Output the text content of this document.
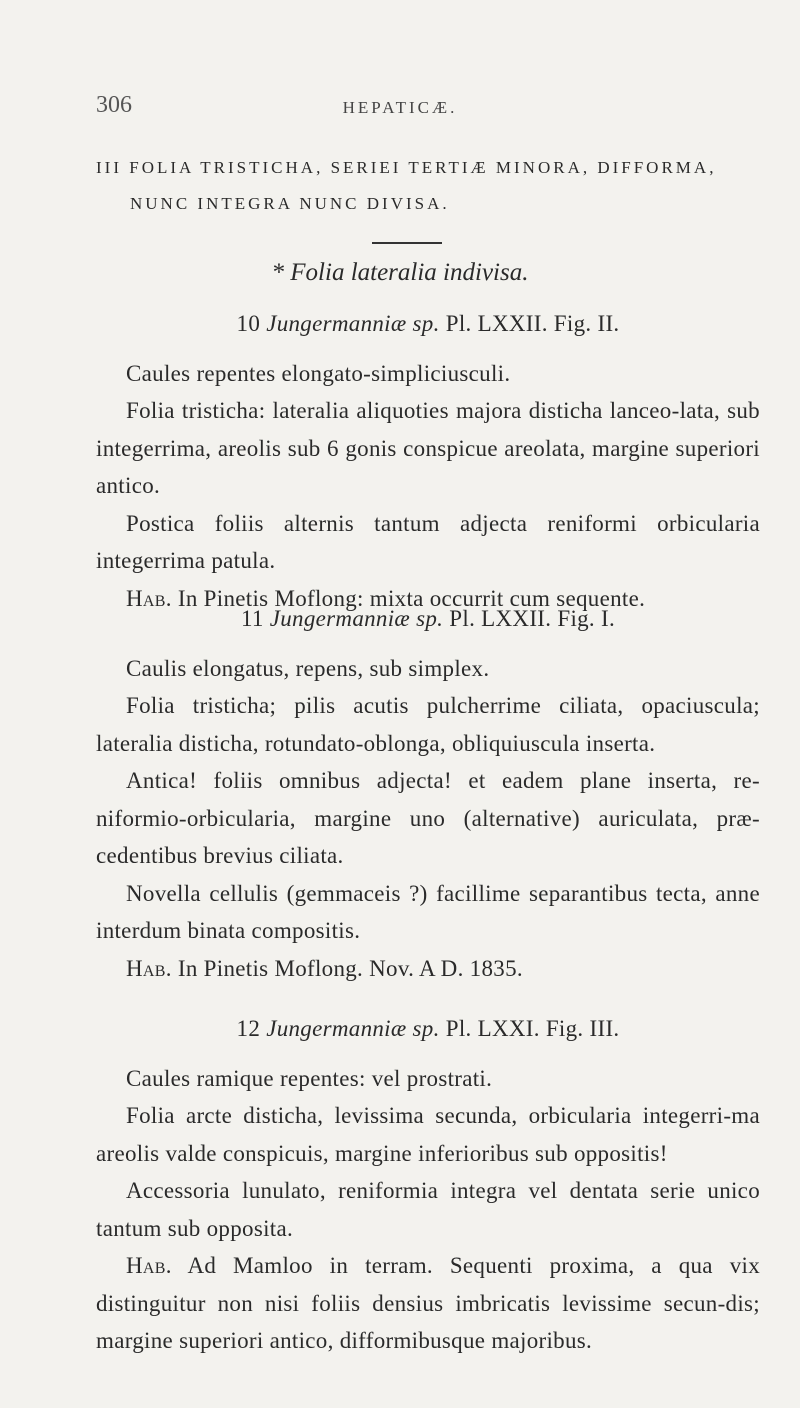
306	HEPATICÆ.
III FOLIA TRISTICHA, SERIEI TERTIÆ MINORA, DIFFORMA,
NUNC INTEGRA NUNC DIVISA.
* Folia lateralia indivisa.
10 Jungermanniæ sp. Pl. LXXII. Fig. II.
Caules repentes elongato-simpliciusculi.
Folia tristicha: lateralia aliquoties majora disticha lanceo-lata, sub integerrima, areolis sub 6 gonis conspicue areolata, margine superiori antico.
Postica foliis alternis tantum adjecta reniformi orbicularia integerrima patula.
Hab. In Pinetis Moflong: mixta occurrit cum sequente.
11 Jungermanniæ sp. Pl. LXXII. Fig. I.
Caulis elongatus, repens, sub simplex.
Folia tristicha; pilis acutis pulcherrime ciliata, opaciuscula; lateralia disticha, rotundato-oblonga, obliquiuscula inserta.
Antica! foliis omnibus adjecta! et eadem plane inserta, re-niformio-orbicularia, margine uno (alternative) auriculata, præ-cedentibus brevius ciliata.
Novella cellulis (gemmaceis ?) facillime separantibus tecta, anne interdum binata compositis.
Hab. In Pinetis Moflong. Nov. A D. 1835.
12 Jungermanniæ sp. Pl. LXXI. Fig. III.
Caules ramique repentes: vel prostrati.
Folia arcte disticha, levissima secunda, orbicularia integerri-ma areolis valde conspicuis, margine inferioribus sub oppositis!
Accessoria lunulato, reniformia integra vel dentata serie unico tantum sub opposita.
Hab. Ad Mamloo in terram. Sequenti proxima, a qua vix distinguitur non nisi foliis densius imbricatis levissime secun-dis; margine superiori antico, difformibusque majoribus.
